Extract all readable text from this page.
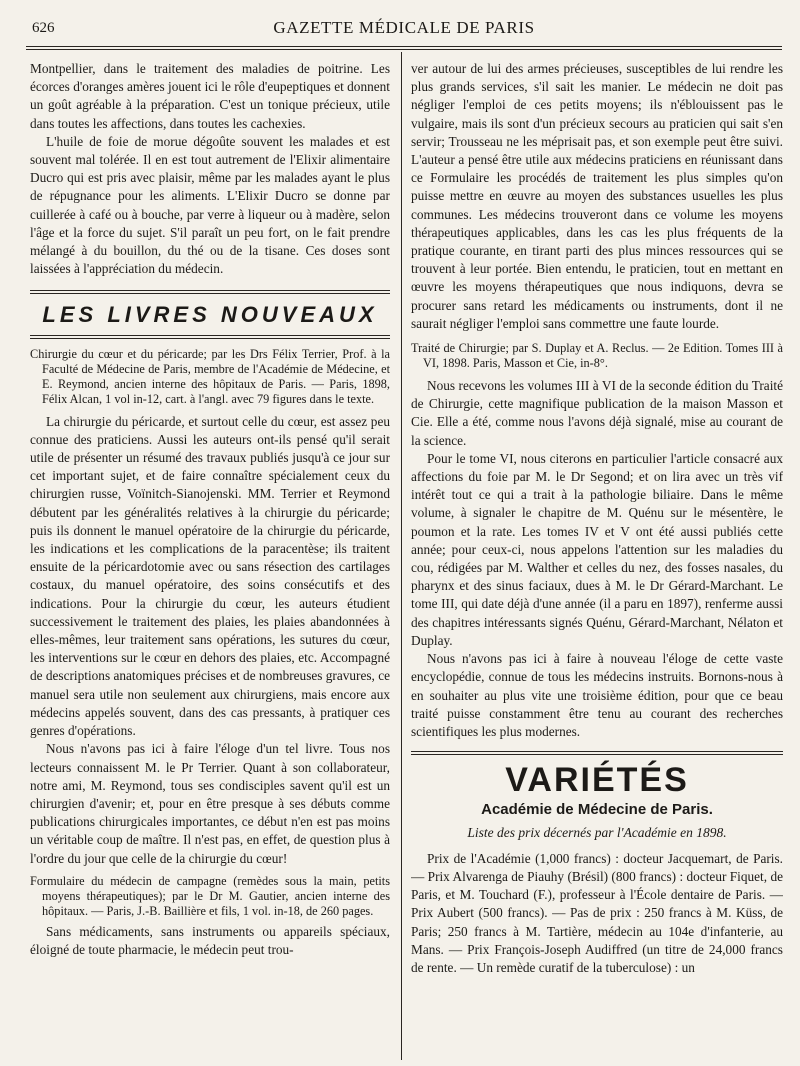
626	GAZETTE MÉDICALE DE PARIS

Montpellier, dans le traitement des maladies de poitrine. Les écorces d'oranges amères jouent ici le rôle d'eupeptiques et donnent un goût agréable à la préparation. C'est un tonique précieux, utile dans toutes les affections, dans toutes les cachexies.

L'huile de foie de morue dégoûte souvent les malades et est souvent mal tolérée. Il en est tout autrement de l'Elixir alimentaire Ducro qui est pris avec plaisir, même par les malades ayant le plus de répugnance pour les aliments. L'Elixir Ducro se donne par cuillerée à café ou à bouche, par verre à liqueur ou à madère, selon l'âge et la force du sujet. S'il paraît un peu fort, on le fait prendre mélangé à du bouillon, du thé ou de la tisane. Ces doses sont laissées à l'appréciation du médecin.

LES LIVRES NOUVEAUX

Chirurgie du cœur et du péricarde; par les Drs Félix Terrier, Prof. à la Faculté de Médecine de Paris, membre de l'Académie de Médecine, et E. Reymond, ancien interne des hôpitaux de Paris. — Paris, 1898, Félix Alcan, 1 vol in-12, cart. à l'angl. avec 79 figures dans le texte.

La chirurgie du péricarde, et surtout celle du cœur, est assez peu connue des praticiens. Aussi les auteurs ont-ils pensé qu'il serait utile de présenter un résumé des travaux publiés jusqu'à ce jour sur cet important sujet, et de faire connaître spécialement ceux du chirurgien russe, Voïnitch-Sianojenski. MM. Terrier et Reymond débutent par les généralités relatives à la chirurgie du péricarde; puis ils donnent le manuel opératoire de la chirurgie du péricarde, les indications et les complications de la paracentèse; ils traitent ensuite de la péricardotomie avec ou sans résection des cartilages costaux, du manuel opératoire, des soins consécutifs et des indications. Pour la chirurgie du cœur, les auteurs étudient successivement le traitement des plaies, les plaies abandonnées à elles-mêmes, leur traitement sans opérations, les sutures du cœur, les interventions sur le cœur en dehors des plaies, etc. Accompagné de descriptions anatomiques précises et de nombreuses gravures, ce manuel sera utile non seulement aux chirurgiens, mais encore aux médecins appelés souvent, dans des cas pressants, à pratiquer ces genres d'opérations.

Nous n'avons pas ici à faire l'éloge d'un tel livre. Tous nos lecteurs connaissent M. le Pr Terrier. Quant à son collaborateur, notre ami, M. Reymond, tous ses condisciples savent qu'il est un chirurgien d'avenir; et, pour en être presque à ses débuts comme publications chirurgicales importantes, ce début n'en est pas moins un véritable coup de maître. Il n'est pas, en effet, de question plus à l'ordre du jour que celle de la chirurgie du cœur!

Formulaire du médecin de campagne (remèdes sous la main, petits moyens thérapeutiques); par le Dr M. Gautier, ancien interne des hôpitaux. — Paris, J.-B. Baillière et fils, 1 vol. in-18, de 260 pages.

Sans médicaments, sans instruments ou appareils spéciaux, éloigné de toute pharmacie, le médecin peut trou-

ver autour de lui des armes précieuses, susceptibles de lui rendre les plus grands services, s'il sait les manier. Le médecin ne doit pas négliger l'emploi de ces petits moyens; ils n'éblouissent pas le vulgaire, mais ils sont d'un précieux secours au praticien qui sait s'en servir; Trousseau ne les méprisait pas, et son exemple peut être suivi. L'auteur a pensé être utile aux médecins praticiens en réunissant dans ce Formulaire les procédés de traitement les plus simples qu'on puisse mettre en œuvre au moyen des substances usuelles les plus communes. Les médecins trouveront dans ce volume les moyens thérapeutiques applicables, dans les cas les plus fréquents de la pratique courante, en tirant parti des plus minces ressources qui se trouvent à leur portée. Bien entendu, le praticien, tout en mettant en œuvre les moyens thérapeutiques que nous indiquons, devra se procurer sans retard les médicaments ou instruments, dont il ne saurait négliger l'emploi sans commettre une faute lourde.

Traité de Chirurgie; par S. Duplay et A. Reclus. — 2e Edition. Tomes III à VI, 1898. Paris, Masson et Cie, in-8°.

Nous recevons les volumes III à VI de la seconde édition du Traité de Chirurgie, cette magnifique publication de la maison Masson et Cie. Elle a été, comme nous l'avons déjà signalé, mise au courant de la science.

Pour le tome VI, nous citerons en particulier l'article consacré aux affections du foie par M. le Dr Segond; et on lira avec un très vif intérêt tout ce qui a trait à la pathologie biliaire. Dans le même volume, à signaler le chapitre de M. Quénu sur le mésentère, le poumon et la rate. Les tomes IV et V ont été aussi publiés cette année; pour ceux-ci, nous appelons l'attention sur les maladies du cou, rédigées par M. Walther et celles du nez, des fosses nasales, du pharynx et des sinus faciaux, dues à M. le Dr Gérard-Marchant. Le tome III, qui date déjà d'une année (il a paru en 1897), renferme aussi des chapitres intéressants signés Quénu, Gérard-Marchant, Nélaton et Duplay.

Nous n'avons pas ici à faire à nouveau l'éloge de cette vaste encyclopédie, connue de tous les médecins instruits. Bornons-nous à en souhaiter au plus vite une troisième édition, pour que ce beau traité puisse constamment être tenu au courant des recherches scientifiques les plus modernes.

VARIÉTÉS
Académie de Médecine de Paris.
Liste des prix décernés par l'Académie en 1898.

Prix de l'Académie (1,000 francs) : docteur Jacquemart, de Paris. — Prix Alvarenga de Piauhy (Brésil) (800 francs) : docteur Fiquet, de Paris, et M. Touchard (F.), professeur à l'École dentaire de Paris. — Prix Aubert (500 francs). — Pas de prix : 250 francs à M. Küss, de Paris; 250 francs à M. Tartière, médecin au 104e d'infanterie, au Mans. — Prix François-Joseph Audiffred (un titre de 24,000 francs de rente. — Un remède curatif de la tuberculose) : un
